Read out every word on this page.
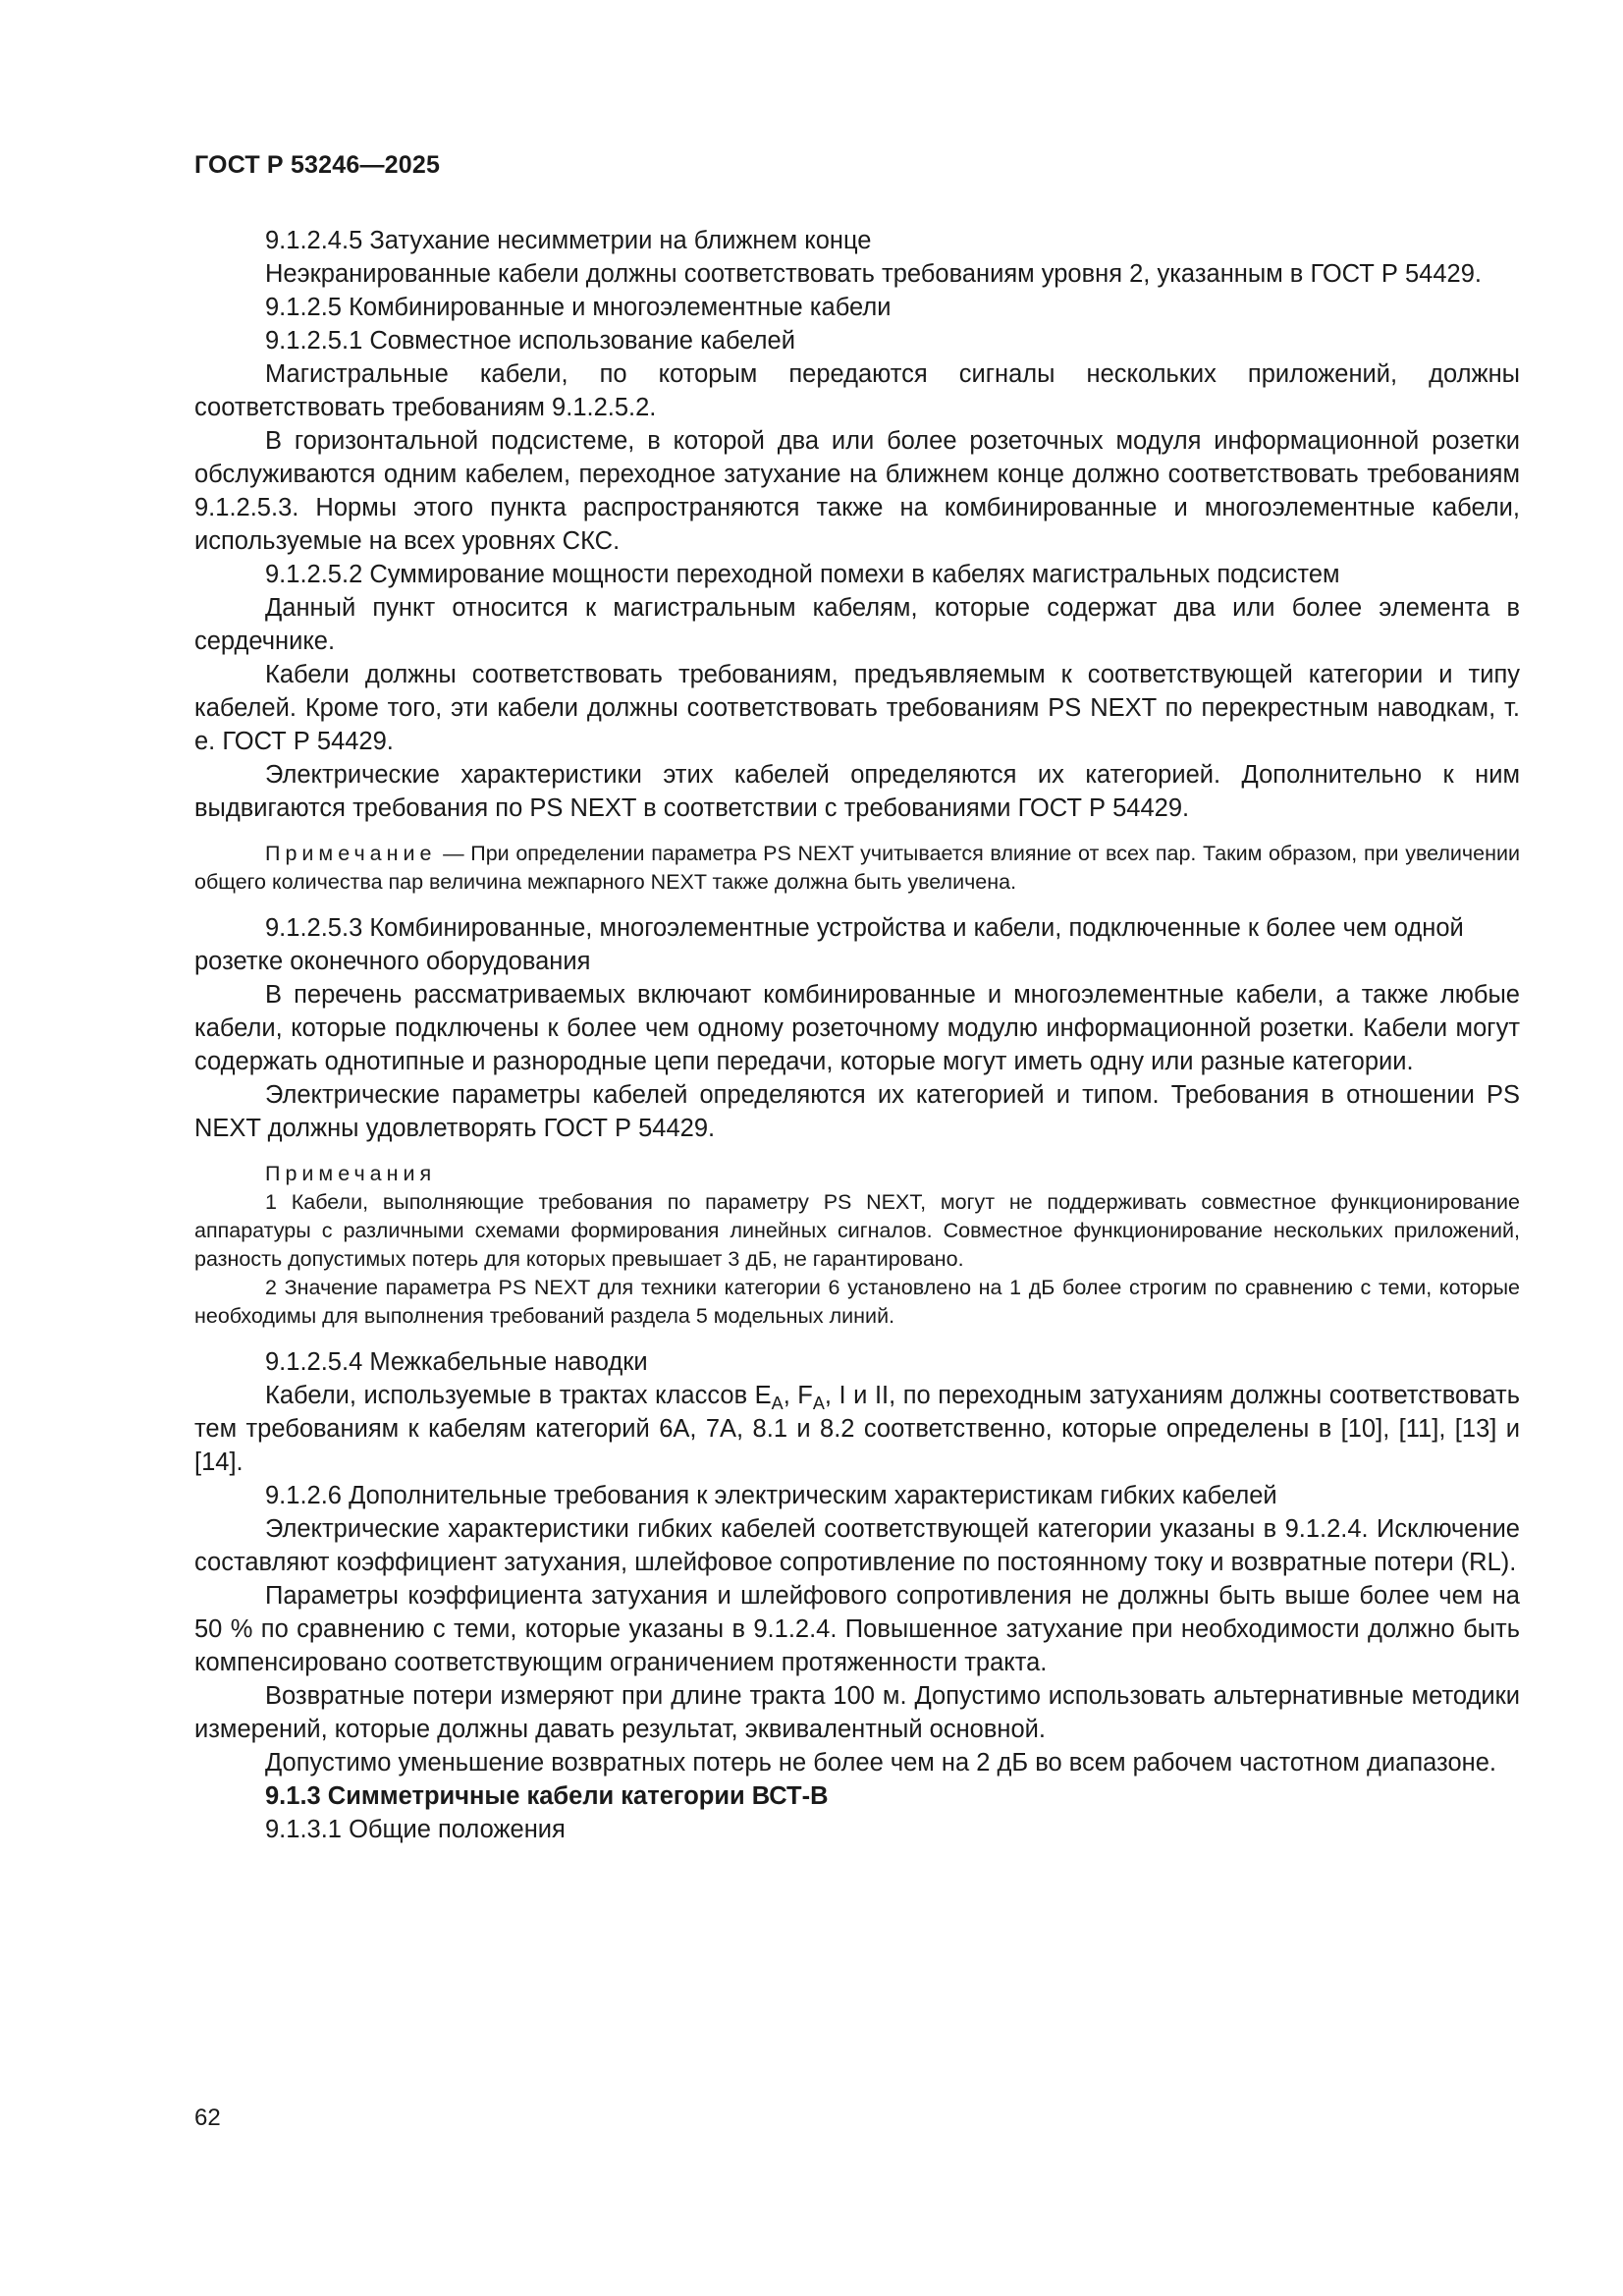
ГОСТ Р 53246—2025

9.1.2.4.5 Затухание несимметрии на ближнем конце

Неэкранированные кабели должны соответствовать требованиям уровня 2, указанным в ГОСТ Р 54429.

9.1.2.5 Комбинированные и многоэлементные кабели

9.1.2.5.1 Совместное использование кабелей

Магистральные кабели, по которым передаются сигналы нескольких приложений, должны соответствовать требованиям 9.1.2.5.2.

В горизонтальной подсистеме, в которой два или более розеточных модуля информационной розетки обслуживаются одним кабелем, переходное затухание на ближнем конце должно соответствовать требованиям 9.1.2.5.3. Нормы этого пункта распространяются также на комбинированные и многоэлементные кабели, используемые на всех уровнях СКС.

9.1.2.5.2 Суммирование мощности переходной помехи в кабелях магистральных подсистем

Данный пункт относится к магистральным кабелям, которые содержат два или более элемента в сердечнике.

Кабели должны соответствовать требованиям, предъявляемым к соответствующей категории и типу кабелей. Кроме того, эти кабели должны соответствовать требованиям PS NEXT по перекрестным наводкам, т. е. ГОСТ Р 54429.

Электрические характеристики этих кабелей определяются их категорией. Дополнительно к ним выдвигаются требования по PS NEXT в соответствии с требованиями ГОСТ Р 54429.

Примечание — При определении параметра PS NEXT учитывается влияние от всех пар. Таким образом, при увеличении общего количества пар величина межпарного NEXT также должна быть увеличена.

9.1.2.5.3 Комбинированные, многоэлементные устройства и кабели, подключенные к более чем одной розетке оконечного оборудования

В перечень рассматриваемых включают комбинированные и многоэлементные кабели, а также любые кабели, которые подключены к более чем одному розеточному модулю информационной розетки. Кабели могут содержать однотипные и разнородные цепи передачи, которые могут иметь одну или разные категории.

Электрические параметры кабелей определяются их категорией и типом. Требования в отношении PS NEXT должны удовлетворять ГОСТ Р 54429.

Примечания
1 Кабели, выполняющие требования по параметру PS NEXT, могут не поддерживать совместное функционирование аппаратуры с различными схемами формирования линейных сигналов. Совместное функционирование нескольких приложений, разность допустимых потерь для которых превышает 3 дБ, не гарантировано.
2 Значение параметра PS NEXT для техники категории 6 установлено на 1 дБ более строгим по сравнению с теми, которые необходимы для выполнения требований раздела 5 модельных линий.

9.1.2.5.4 Межкабельные наводки

Кабели, используемые в трактах классов $E_A$, $F_A$, I и II, по переходным затуханиям должны соответствовать тем требованиям к кабелям категорий 6A, 7A, 8.1 и 8.2 соответственно, которые определены в [10], [11], [13] и [14].

9.1.2.6 Дополнительные требования к электрическим характеристикам гибких кабелей

Электрические характеристики гибких кабелей соответствующей категории указаны в 9.1.2.4. Исключение составляют коэффициент затухания, шлейфовое сопротивление по постоянному току и возвратные потери (RL).

Параметры коэффициента затухания и шлейфового сопротивления не должны быть выше более чем на 50 % по сравнению с теми, которые указаны в 9.1.2.4. Повышенное затухание при необходимости должно быть компенсировано соответствующим ограничением протяженности тракта.

Возвратные потери измеряют при длине тракта 100 м. Допустимо использовать альтернативные методики измерений, которые должны давать результат, эквивалентный основной.

Допустимо уменьшение возвратных потерь не более чем на 2 дБ во всем рабочем частотном диапазоне.

9.1.3 Симметричные кабели категории ВСТ-В

9.1.3.1 Общие положения

62
